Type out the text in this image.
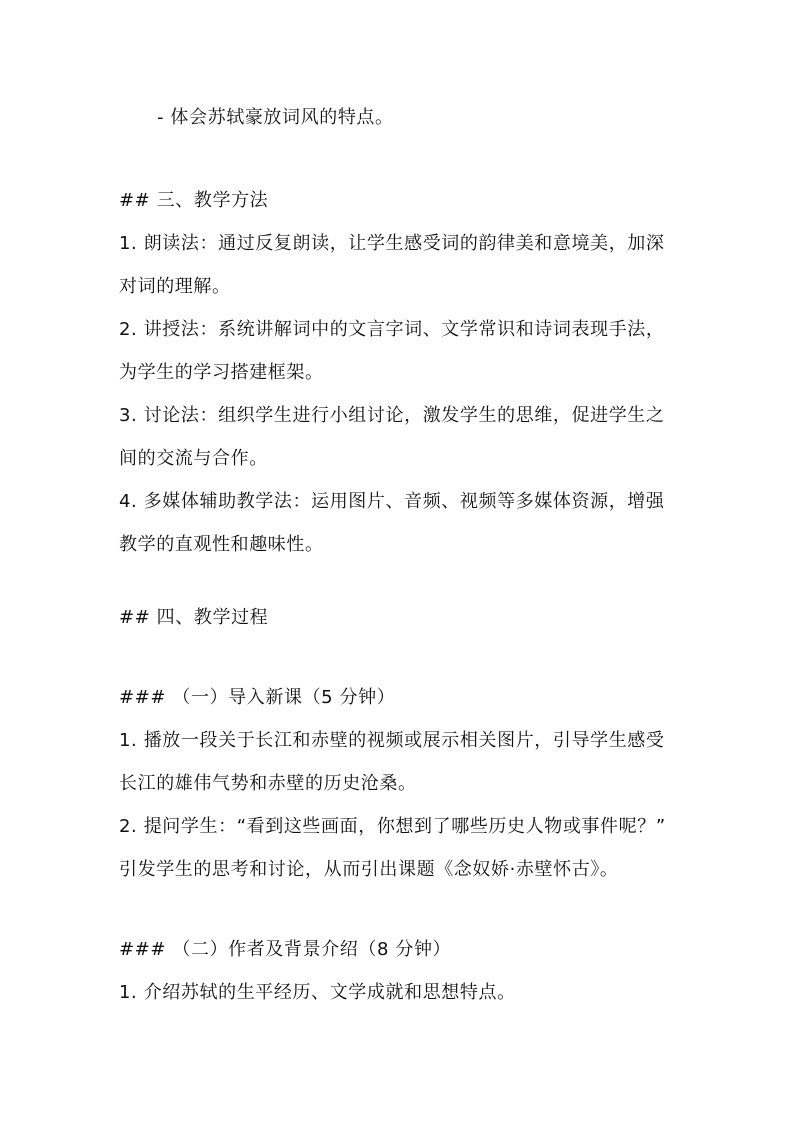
- 体会苏轼豪放词风的特点。
## 三、教学方法
1. 朗读法：通过反复朗读，让学生感受词的韵律美和意境美，加深
对词的理解。
2. 讲授法：系统讲解词中的文言字词、文学常识和诗词表现手法，
为学生的学习搭建框架。
3. 讨论法：组织学生进行小组讨论，激发学生的思维，促进学生之
间的交流与合作。
4. 多媒体辅助教学法：运用图片、音频、视频等多媒体资源，增强
教学的直观性和趣味性。
## 四、教学过程
### （一）导入新课（5 分钟）
1. 播放一段关于长江和赤壁的视频或展示相关图片，引导学生感受
长江的雄伟气势和赤壁的历史沧桑。
2. 提问学生：“看到这些画面，你想到了哪些历史人物或事件呢？”
引发学生的思考和讨论，从而引出课题《念奴娇·赤壁怀古》。
### （二）作者及背景介绍（8 分钟）
1. 介绍苏轼的生平经历、文学成就和思想特点。
